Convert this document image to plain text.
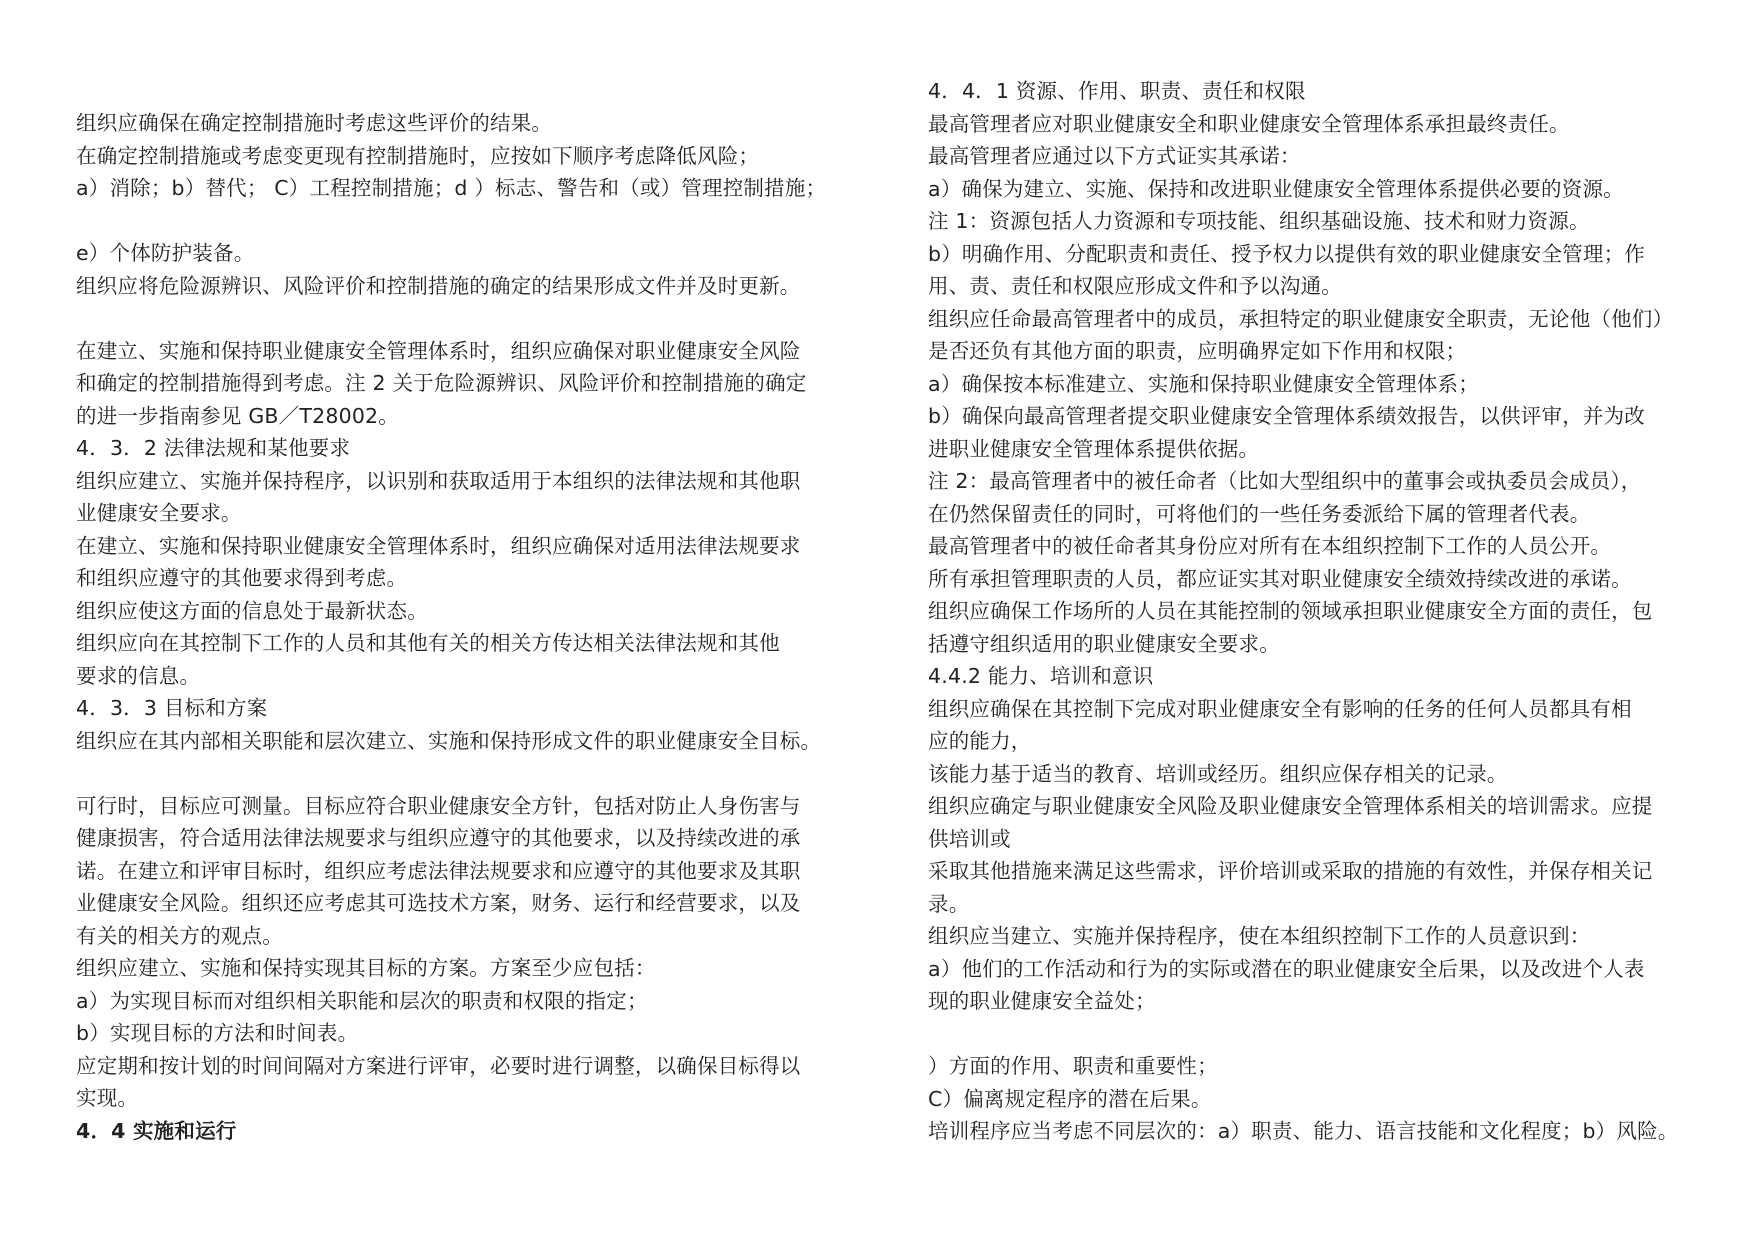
组织应确保在确定控制措施时考虑这些评价的结果。
在确定控制措施或考虑变更现有控制措施时，应按如下顺序考虑降低风险；
a）消除；b）替代； C）工程控制措施；d ）标志、警告和（或）管理控制措施；
e）个体防护装备。
组织应将危险源辨识、风险评价和控制措施的确定的结果形成文件并及时更新。
在建立、实施和保持职业健康安全管理体系时，组织应确保对职业健康安全风险
和确定的控制措施得到考虑。注 2 关于危险源辨识、风险评价和控制措施的确定
的进一步指南参见 GB／T28002。
4．3．2 法律法规和某他要求
组织应建立、实施并保持程序，以识别和获取适用于本组织的法律法规和其他职
业健康安全要求。
在建立、实施和保持职业健康安全管理体系时，组织应确保对适用法律法规要求
和组织应遵守的其他要求得到考虑。
组织应使这方面的信息处于最新状态。
组织应向在其控制下工作的人员和其他有关的相关方传达相关法律法规和其他
要求的信息。
4．3．3 目标和方案
组织应在其内部相关职能和层次建立、实施和保持形成文件的职业健康安全目标。
可行时，目标应可测量。目标应符合职业健康安全方针，包括对防止人身伤害与
健康损害，符合适用法律法规要求与组织应遵守的其他要求，以及持续改进的承
诺。在建立和评审目标时，组织应考虑法律法规要求和应遵守的其他要求及其职
业健康安全风险。组织还应考虑其可选技术方案，财务、运行和经营要求，以及
有关的相关方的观点。
组织应建立、实施和保持实现其目标的方案。方案至少应包括：
a）为实现目标而对组织相关职能和层次的职责和权限的指定；
b）实现目标的方法和时间表。
应定期和按计划的时间间隔对方案进行评审，必要时进行调整，以确保目标得以
实现。
4．4 实施和运行
4．4．1 资源、作用、职责、责任和权限
最高管理者应对职业健康安全和职业健康安全管理体系承担最终责任。
最高管理者应通过以下方式证实其承诺：
a）确保为建立、实施、保持和改进职业健康安全管理体系提供必要的资源。
注 1：资源包括人力资源和专项技能、组织基础设施、技术和财力资源。
b）明确作用、分配职责和责任、授予权力以提供有效的职业健康安全管理；作
用、责、责任和权限应形成文件和予以沟通。
组织应任命最高管理者中的成员，承担特定的职业健康安全职责，无论他（他们）
是否还负有其他方面的职责，应明确界定如下作用和权限；
a）确保按本标准建立、实施和保持职业健康安全管理体系；
b）确保向最高管理者提交职业健康安全管理体系绩效报告，以供评审，并为改
进职业健康安全管理体系提供依据。
注 2：最高管理者中的被任命者（比如大型组织中的董事会或执委员会成员），
在仍然保留责任的同时，可将他们的一些任务委派给下属的管理者代表。
最高管理者中的被任命者其身份应对所有在本组织控制下工作的人员公开。
所有承担管理职责的人员，都应证实其对职业健康安全绩效持续改进的承诺。
组织应确保工作场所的人员在其能控制的领域承担职业健康安全方面的责任，包
括遵守组织适用的职业健康安全要求。
4.4.2 能力、培训和意识
组织应确保在其控制下完成对职业健康安全有影响的任务的任何人员都具有相
应的能力，
该能力基于适当的教育、培训或经历。组织应保存相关的记录。
组织应确定与职业健康安全风险及职业健康安全管理体系相关的培训需求。应提
供培训或
采取其他措施来满足这些需求，评价培训或采取的措施的有效性，并保存相关记
录。
组织应当建立、实施并保持程序，使在本组织控制下工作的人员意识到：
a）他们的工作活动和行为的实际或潜在的职业健康安全后果，以及改进个人表
现的职业健康安全益处；
）方面的作用、职责和重要性；
C）偏离规定程序的潜在后果。
培训程序应当考虑不同层次的：a）职责、能力、语言技能和文化程度；b）风险。
